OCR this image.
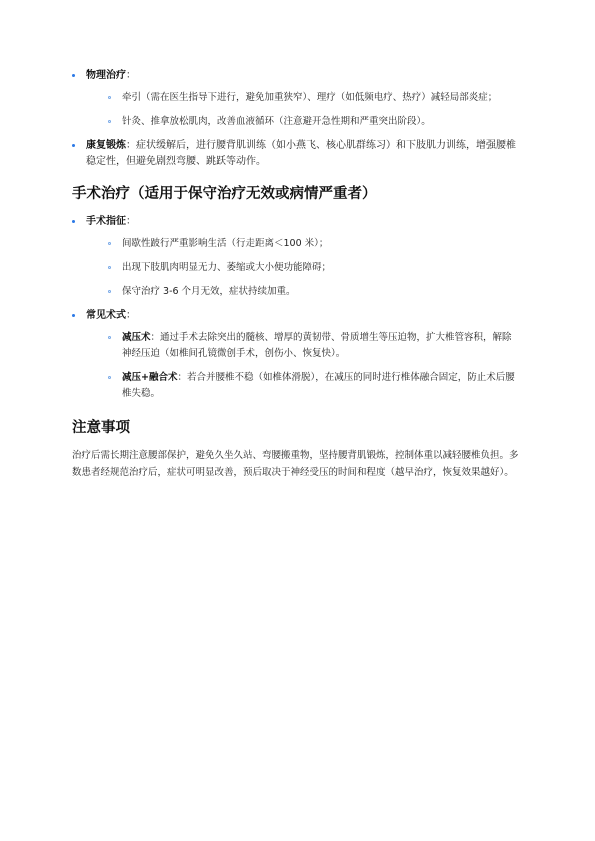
物理治疗：
牵引（需在医生指导下进行，避免加重狭窄）、理疗（如低频电疗、热疗）减轻局部炎症；
针灸、推拿放松肌肉，改善血液循环（注意避开急性期和严重突出阶段）。
康复锻炼：症状缓解后，进行腰背肌训练（如小燕飞、核心肌群练习）和下肢肌力训练，增强腰椎稳定性，但避免剧烈弯腰、跳跃等动作。
手术治疗（适用于保守治疗无效或病情严重者）
手术指征：
间歇性跛行严重影响生活（行走距离＜100 米）；
出现下肢肌肉明显无力、萎缩或大小便功能障碍；
保守治疗 3-6 个月无效，症状持续加重。
常见术式：
减压术：通过手术去除突出的髓核、增厚的黄韧带、骨质增生等压迫物，扩大椎管容积，解除神经压迫（如椎间孔镜微创手术，创伤小、恢复快）。
减压+融合术：若合并腰椎不稳（如椎体滑脱），在减压的同时进行椎体融合固定，防止术后腰椎失稳。
注意事项

治疗后需长期注意腰部保护，避免久坐久站、弯腰搬重物，坚持腰背肌锻炼，控制体重以减轻腰椎负担。多数患者经规范治疗后，症状可明显改善，预后取决于神经受压的时间和程度（越早治疗，恢复效果越好）。
